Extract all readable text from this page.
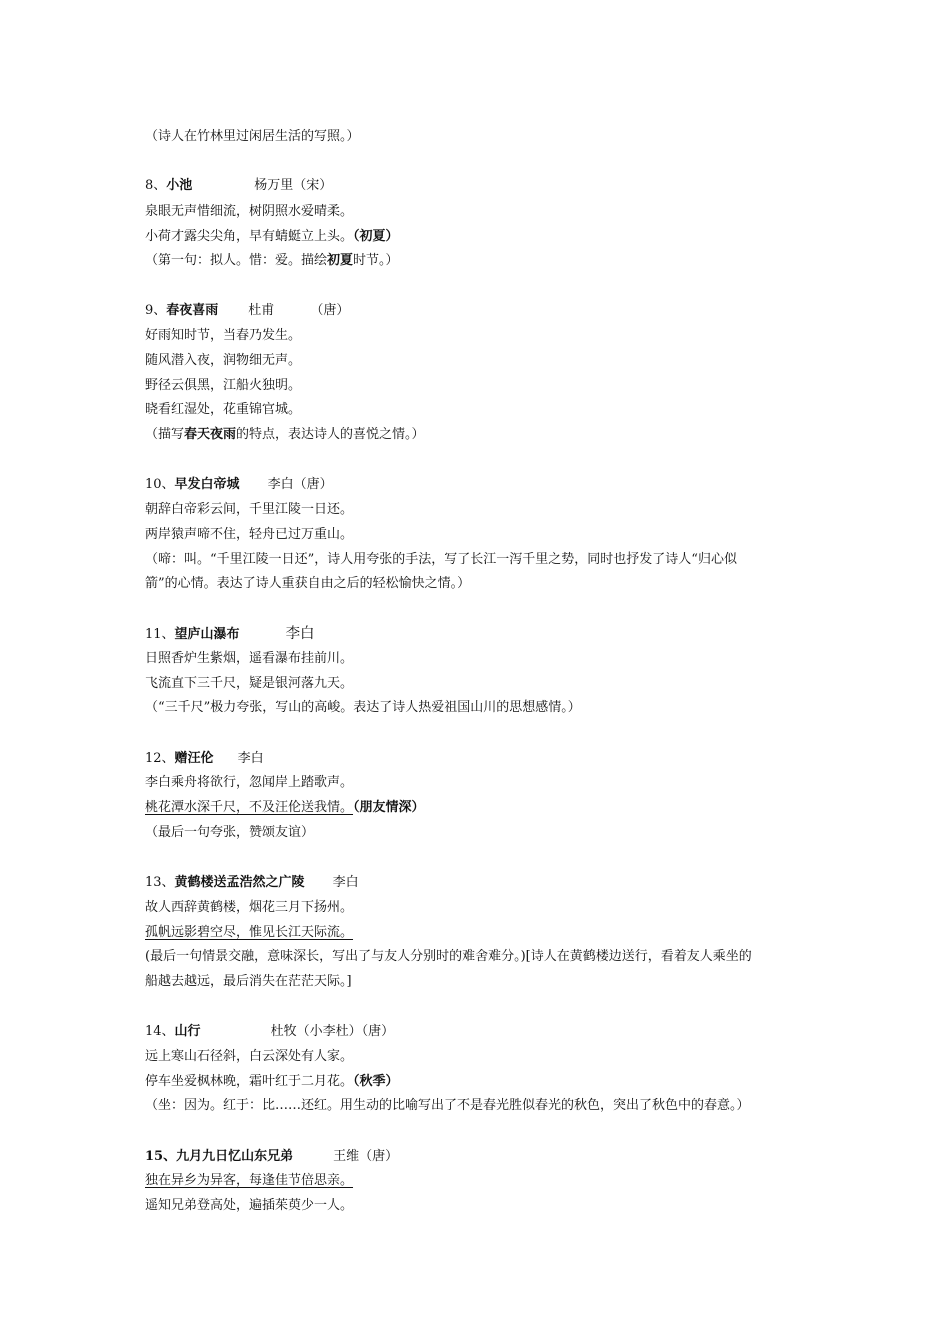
（诗人在竹林里过闲居生活的写照。）
8、小池	杨万里（宋）
泉眼无声惜细流，树阴照水爱晴柔。
小荷才露尖尖角，早有蜻蜓立上头。（初夏）
（第一句：拟人。惜：爱。描绘初夏时节。）
9、春夜喜雨 杜甫	（唐）
好雨知时节，当春乃发生。
随风潜入夜，润物细无声。
野径云俱黑，江船火独明。
晓看红湿处，花重锦官城。
（描写春天夜雨的特点，表达诗人的喜悦之情。）
10、早发白帝城 李白（唐）
朝辞白帝彩云间，千里江陵一日还。
两岸猿声啼不住，轻舟已过万重山。
（啼：叫。“千里江陵一日还”，诗人用夸张的手法，写了长江一泻千里之势，同时也抒发了诗人“归心似
箭”的心情。表达了诗人重获自由之后的轻松愉快之情。）
11、望庐山瀑布	李白
日照香炉生紫烟，遥看瀑布挂前川。
飞流直下三千尺，疑是银河落九天。
（“三千尺”极力夸张，写山的高峻。表达了诗人热爱祖国山川的思想感情。）
12、赠汪伦 李白
李白乘舟将欲行，忽闻岸上踏歌声。
桃花潭水深千尺，不及汪伦送我情。（朋友情深）
（最后一句夸张，赞颂友谊）
13、黄鹤楼送孟浩然之广陵 李白
故人西辞黄鹤楼，烟花三月下扬州。
孤帆远影碧空尽，惟见长江天际流。
(最后一句情景交融，意味深长，写出了与友人分别时的难舍难分。)[诗人在黄鹤楼边送行，看着友人乘坐的
船越去越远，最后消失在茫茫天际。]
14、山行	杜牧（小李杜）（唐）
远上寒山石径斜，白云深处有人家。
停车坐爱枫林晚，霜叶红于二月花。（秋季）
（坐：因为。红于：比……还红。用生动的比喻写出了不是春光胜似春光的秋色，突出了秋色中的春意。）
15、九月九日忆山东兄弟	王维（唐）
独在异乡为异客，每逢佳节倍思亲。
遥知兄弟登高处，遍插茱萸少一人。
